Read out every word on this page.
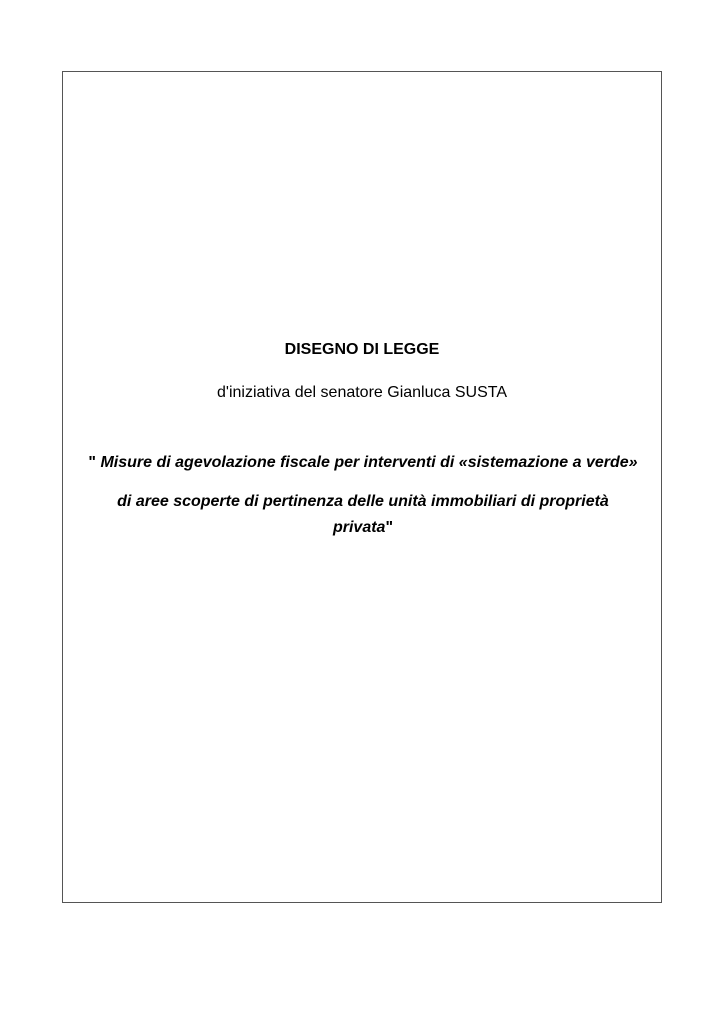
DISEGNO DI LEGGE

d'iniziativa del senatore Gianluca SUSTA

" Misure di agevolazione fiscale per interventi di «sistemazione a verde»
di aree scoperte di pertinenza delle unità immobiliari di proprietà
privata"
